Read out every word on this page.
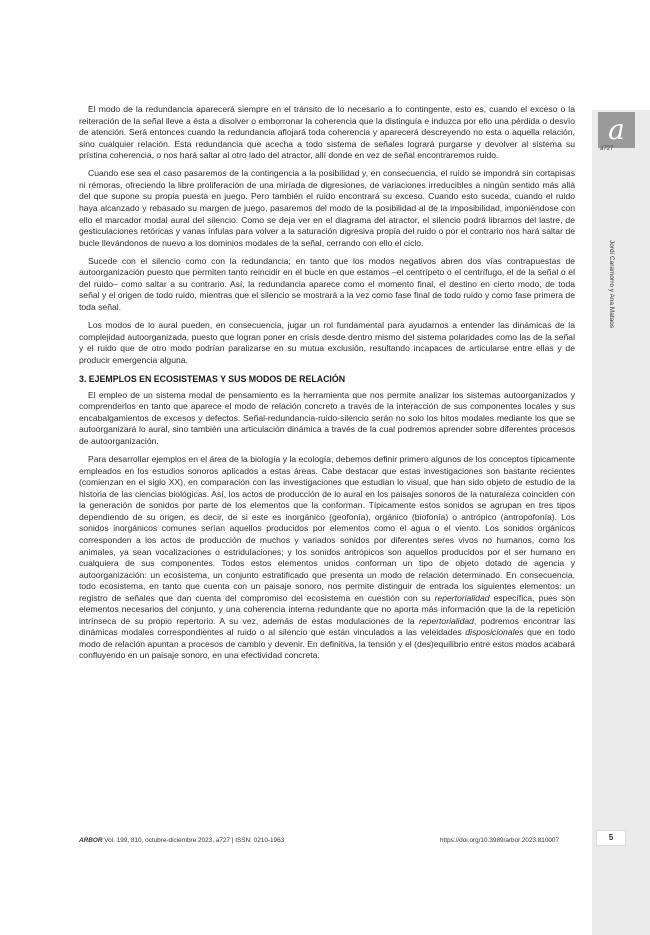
a
a727
Jordi Caramorro y Ana Mataos

El modo de la redundancia aparecerá siempre en el tránsito de lo necesario a lo contingente, esto es, cuando el exceso o la reiteración de la señal lleve a ésta a disolver o emborronar la coherencia que la distinguía e induzca por ello una pérdida o desvío de atención. Será entonces cuando la redundancia aflojará toda coherencia y aparecerá descreyendo no esta o aquella relación, sino cualquier relación. Esta redundancia que acecha a todo sistema de señales logrará purgarse y devolver al sistema su prístina coherencia, o nos hará saltar al otro lado del atractor, allí donde en vez de señal encontraremos ruido.

Cuando ese sea el caso pasaremos de la contingencia a la posibilidad y, en consecuencia, el ruido se impondrá sin cortapisas ni rémoras, ofreciendo la libre proliferación de una miríada de digresiones, de variaciones irreducibles a ningún sentido más allá del que supone su propia puesta en juego. Pero también el ruido encontrará su exceso. Cuando esto suceda, cuando el ruido haya alcanzado y rebasado su margen de juego, pasaremos del modo de la posibilidad al de la imposibilidad, imponiéndose con ello el marcador modal aural del silencio. Como se deja ver en el diagrama del atractor, el silencio podrá librarnos del lastre, de gesticulaciones retóricas y vanas ínfulas para volver a la saturación digresiva propia del ruido o por el contrario nos hará saltar de bucle llevándonos de nuevo a los dominios modales de la señal, cerrando con ello el ciclo.

Sucede con el silencio como con la redundancia; en tanto que los modos negativos abren dos vías contrapuestas de autoorganización puesto que permiten tanto reincidir en el bucle en que estamos –el centrípeto o el centrífugo, el de la señal o el del ruido– como saltar a su contrario. Así, la redundancia aparece como el momento final, el destino en cierto modo, de toda señal y el origen de todo ruido, mientras que el silencio se mostrará a la vez como fase final de todo ruido y como fase primera de toda señal.

Los modos de lo aural pueden, en consecuencia, jugar un rol fundamental para ayudarnos a entender las dinámicas de la complejidad autoorganizada, puesto que logran poner en crisis desde dentro mismo del sistema polaridades como las de la señal y el ruido que de otro modo podrían paralizarse en su mutua exclusión, resultando incapaces de articularse entre ellas y de producir emergencia alguna.

3. EJEMPLOS EN ECOSISTEMAS Y SUS MODOS DE RELACIÓN

El empleo de un sistema modal de pensamiento es la herramienta que nos permite analizar los sistemas autoorganizados y comprenderlos en tanto que aparece el modo de relación concreto a través de la interacción de sus componentes locales y sus encabalgamientos de excesos y defectos. Señal-redundancia-ruido-silencio serán no solo los hitos modales mediante los que se autoorganizará lo aural, sino también una articulación dinámica a través de la cual podremos aprender sobre diferentes procesos de autoorganización.

Para desarrollar ejemplos en el área de la biología y la ecología, debemos definir primero algunos de los conceptos típicamente empleados en los estudios sonoros aplicados a estas áreas. Cabe destacar que estas investigaciones son bastante recientes (comienzan en el siglo XX), en comparación con las investigaciones que estudian lo visual, que han sido objeto de estudio de la historia de las ciencias biológicas. Así, los actos de producción de lo aural en los paisajes sonoros de la naturaleza coinciden con la generación de sonidos por parte de los elementos que la conforman. Típicamente estos sonidos se agrupan en tres tipos dependiendo de su origen, es decir, de si este es inorgánico (geofonía), orgánico (biofonía) o antrópico (antropofonía). Los sonidos inorgánicos comunes serían aquellos producidos por elementos como el agua o el viento. Los sonidos orgánicos corresponden a los actos de producción de muchos y variados sonidos por diferentes seres vivos no humanos, como los animales, ya sean vocalizaciones o estridulaciones; y los sonidos antrópicos son aquellos producidos por el ser humano en cualquiera de sus componentes. Todos estos elementos unidos conforman un tipo de objeto dotado de agencia y autoorganización: un ecosistema, un conjunto estratificado que presenta un modo de relación determinado. En consecuencia, todo ecosistema, en tanto que cuenta con un paisaje sonoro, nos permite distinguir de entrada los siguientes elementos: un registro de señales que dan cuenta del compromiso del ecosistema en cuestión con su repertorialidad específica, pues son elementos necesarios del conjunto, y una coherencia interna redundante que no aporta más información que la de la repetición intrínseca de su propio repertorio. A su vez, además de estas modulaciones de la repertorialidad, podremos encontrar las dinámicas modales correspondientes al ruido o al silencio que están vinculados a las veleidades disposicionales que en todo modo de relación apuntan a procesos de cambio y devenir. En definitiva, la tensión y el (des)equilibrio entre estos modos acabará confluyendo en un paisaje sonoro, en una efectividad concreta.

ARBOR Vol. 199, 810, octubre-diciembre 2023, a727 | ISSN: 0210-1963	https://doi.org/10.3989/arbor.2023.810007	5
